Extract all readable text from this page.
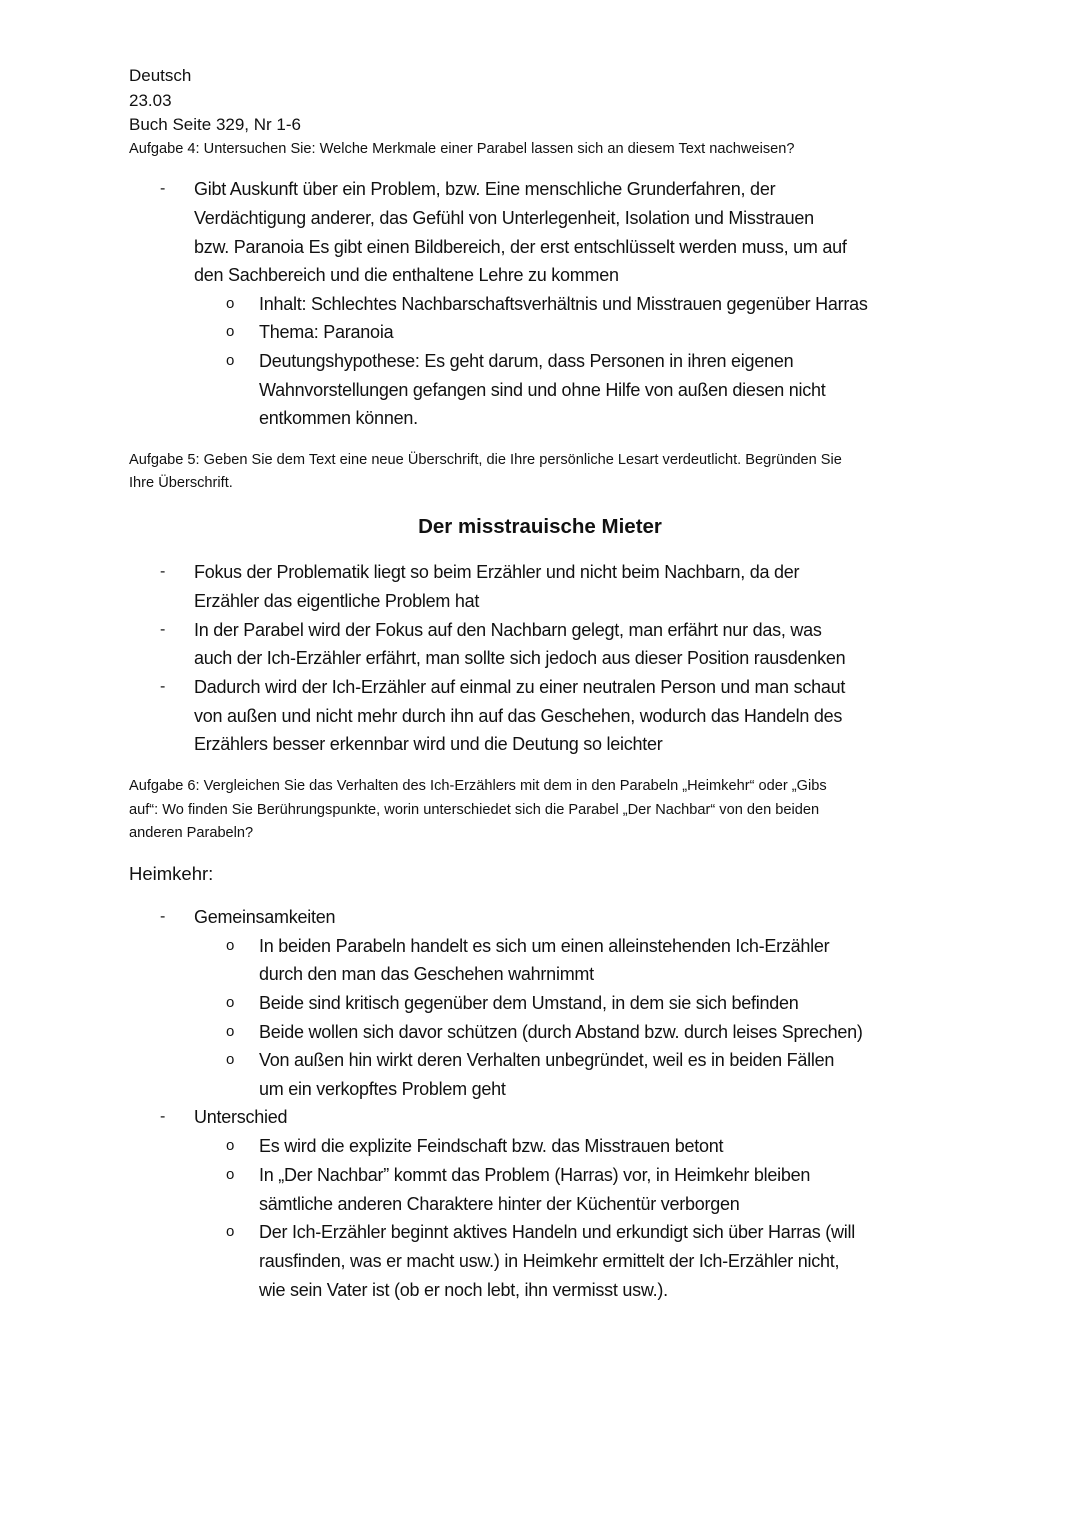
Deutsch
23.03
Buch Seite 329, Nr 1-6
Aufgabe 4: Untersuchen Sie: Welche Merkmale einer Parabel lassen sich an diesem Text nachweisen?
- Gibt Auskunft über ein Problem, bzw. Eine menschliche Grunderfahren, der
Verdächtigung anderer, das Gefühl von Unterlegenheit, Isolation und Misstrauen
bzw. Paranoia Es gibt einen Bildbereich, der erst entschlüsselt werden muss, um auf
den Sachbereich und die enthaltene Lehre zu kommen
o Inhalt: Schlechtes Nachbarschaftsverhältnis und Misstrauen gegenüber Harras
o Thema: Paranoia
o Deutungshypothese: Es geht darum, dass Personen in ihren eigenen
Wahnvorstellungen gefangen sind und ohne Hilfe von außen diesen nicht
entkommen können.
Aufgabe 5: Geben Sie dem Text eine neue Überschrift, die Ihre persönliche Lesart verdeutlicht. Begründen Sie
Ihre Überschrift.
Der misstrauische Mieter
- Fokus der Problematik liegt so beim Erzähler und nicht beim Nachbarn, da der
Erzähler das eigentliche Problem hat
- In der Parabel wird der Fokus auf den Nachbarn gelegt, man erfährt nur das, was
auch der Ich-Erzähler erfährt, man sollte sich jedoch aus dieser Position rausdenken
- Dadurch wird der Ich-Erzähler auf einmal zu einer neutralen Person und man schaut
von außen und nicht mehr durch ihn auf das Geschehen, wodurch das Handeln des
Erzählers besser erkennbar wird und die Deutung so leichter
Aufgabe 6: Vergleichen Sie das Verhalten des Ich-Erzählers mit dem in den Parabeln „Heimkehr“ oder „Gibs
auf“: Wo finden Sie Berührungspunkte, worin unterschiedet sich die Parabel „Der Nachbar“ von den beiden
anderen Parabeln?
Heimkehr:
- Gemeinsamkeiten
o In beiden Parabeln handelt es sich um einen alleinstehenden Ich-Erzähler
durch den man das Geschehen wahrnimmt
o Beide sind kritisch gegenüber dem Umstand, in dem sie sich befinden
o Beide wollen sich davor schützen (durch Abstand bzw. durch leises Sprechen)
o Von außen hin wirkt deren Verhalten unbegründet, weil es in beiden Fällen
um ein verkopftes Problem geht
- Unterschied
o Es wird die explizite Feindschaft bzw. das Misstrauen betont
o In „Der Nachbar” kommt das Problem (Harras) vor, in Heimkehr bleiben
sämtliche anderen Charaktere hinter der Küchentür verborgen
o Der Ich-Erzähler beginnt aktives Handeln und erkundigt sich über Harras (will
rausfinden, was er macht usw.) in Heimkehr ermittelt der Ich-Erzähler nicht,
wie sein Vater ist (ob er noch lebt, ihn vermisst usw.).
